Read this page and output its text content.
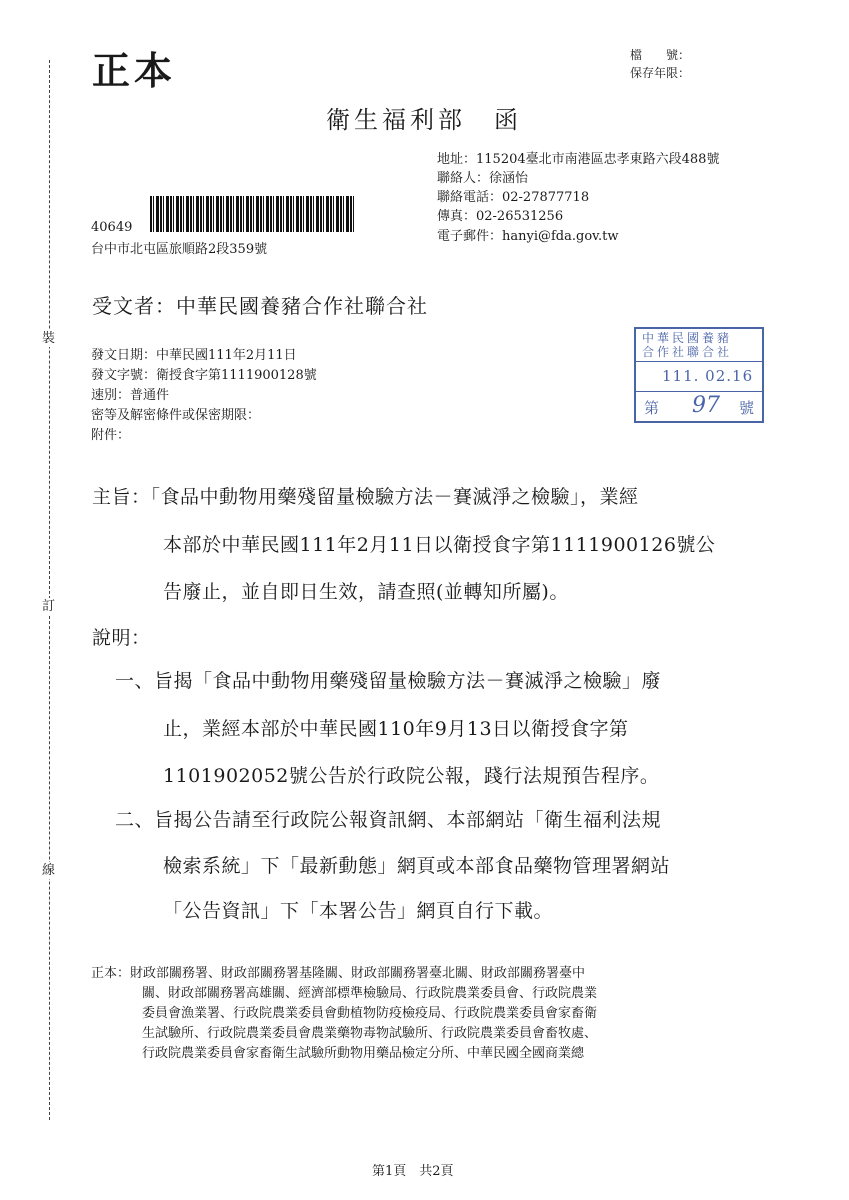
裝
訂
線
正本	檔　　號：
保存年限：
衛生福利部　函
地址：115204臺北市南港區忠孝東路六段488號
聯絡人：徐涵怡
聯絡電話：02-27877718
傳真：02-26531256
電子郵件：hanyi@fda.gov.tw
40649
台中市北屯區旅順路2段359號
受文者：中華民國養豬合作社聯合社
發文日期：中華民國111年2月11日
發文字號：衛授食字第1111900128號
速別：普通件
密等及解密條件或保密期限：
附件：
中華民國養豬
合作社聯合社
111. 02.16
第 97 號
主旨：「食品中動物用藥殘留量檢驗方法－賽滅淨之檢驗」，業經
本部於中華民國111年2月11日以衛授食字第1111900126號公
告廢止，並自即日生效，請查照(並轉知所屬)。
說明：
一、旨揭「食品中動物用藥殘留量檢驗方法－賽滅淨之檢驗」廢
止，業經本部於中華民國110年9月13日以衛授食字第
1101902052號公告於行政院公報，踐行法規預告程序。
二、旨揭公告請至行政院公報資訊網、本部網站「衛生福利法規
檢索系統」下「最新動態」網頁或本部食品藥物管理署網站
「公告資訊」下「本署公告」網頁自行下載。
正本：財政部關務署、財政部關務署基隆關、財政部關務署臺北關、財政部關務署臺中
關、財政部關務署高雄關、經濟部標準檢驗局、行政院農業委員會、行政院農業
委員會漁業署、行政院農業委員會動植物防疫檢疫局、行政院農業委員會家畜衛
生試驗所、行政院農業委員會農業藥物毒物試驗所、行政院農業委員會畜牧處、
行政院農業委員會家畜衛生試驗所動物用藥品檢定分所、中華民國全國商業總
第1頁　共2頁
